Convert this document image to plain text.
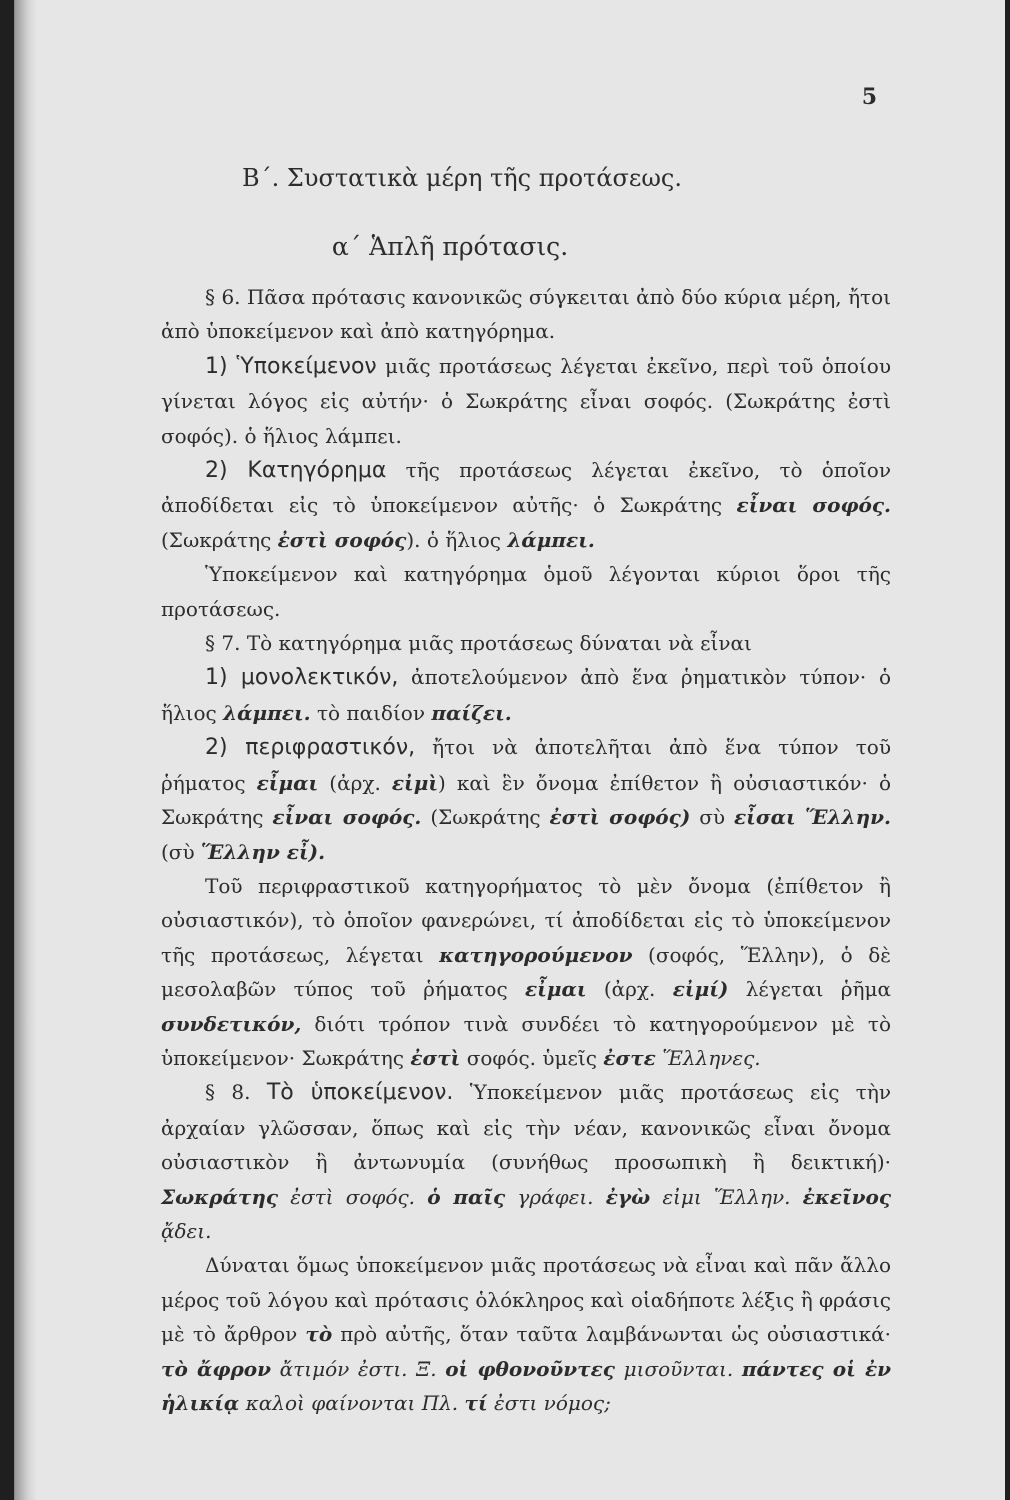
5
Β΄. Συστατικὰ μέρη τῆς προτάσεως.
α΄ Ἁπλῆ πρότασις.

§ 6. Πᾶσα πρότασις κανονικῶς σύγκειται ἀπὸ δύο κύρια μέρη, ἤτοι ἀπὸ ὑποκείμενον καὶ ἀπὸ κατηγόρημα.

1) Ὑποκείμενον μιᾶς προτάσεως λέγεται ἐκεῖνο, περὶ τοῦ ὁποίου γίνεται λόγος εἰς αὐτήν· ὁ Σωκράτης εἶναι σοφός. (Σωκράτης ἐστὶ σοφός). ὁ ἥλιος λάμπει.

2) Κατηγόρημα τῆς προτάσεως λέγεται ἐκεῖνο, τὸ ὁποῖον ἀποδίδεται εἰς τὸ ὑποκείμενον αὐτῆς· ὁ Σωκράτης εἶναι σοφός. (Σωκράτης ἐστὶ σοφός). ὁ ἥλιος λάμπει.

Ὑποκείμενον καὶ κατηγόρημα ὁμοῦ λέγονται κύριοι ὅροι τῆς προτάσεως.

§ 7. Τὸ κατηγόρημα μιᾶς προτάσεως δύναται νὰ εἶναι

1) μονολεκτικόν, ἀποτελούμενον ἀπὸ ἕνα ῥηματικὸν τύπον· ὁ ἥλιος λάμπει. τὸ παιδίον παίζει.

2) περιφραστικόν, ἤτοι νὰ ἀποτελῆται ἀπὸ ἕνα τύπον τοῦ ῥήματος εἶμαι (ἀρχ. εἰμὶ) καὶ ἓν ὄνομα ἐπίθετον ἢ οὐσιαστικόν· ὁ Σωκράτης εἶναι σοφός. (Σωκράτης ἐστὶ σοφός) σὺ εἶσαι Ἕλλην. (σὺ Ἕλλην εἶ).

Τοῦ περιφραστικοῦ κατηγορήματος τὸ μὲν ὄνομα (ἐπίθετον ἢ οὐσιαστικόν), τὸ ὁποῖον φανερώνει, τί ἀποδίδεται εἰς τὸ ὑποκείμενον τῆς προτάσεως, λέγεται κατηγορούμενον (σοφός, Ἕλλην), ὁ δὲ μεσολαβῶν τύπος τοῦ ῥήματος εἶμαι (ἀρχ. εἰμί) λέγεται ῥῆμα συνδετικόν, διότι τρόπον τινὰ συνδέει τὸ κατηγορούμενον μὲ τὸ ὑποκείμενον· Σωκράτης ἐστὶ σοφός. ὑμεῖς ἐστε Ἕλληνες.

§ 8. Τὸ ὑποκείμενον. Ὑποκείμενον μιᾶς προτάσεως εἰς τὴν ἀρχαίαν γλῶσσαν, ὅπως καὶ εἰς τὴν νέαν, κανονικῶς εἶναι ὄνομα οὐσιαστικὸν ἢ ἀντωνυμία (συνήθως προσωπικὴ ἢ δεικτική)· Σωκράτης ἐστὶ σοφός. ὁ παῖς γράφει. ἐγὼ εἰμι Ἕλλην. ἐκεῖνος ᾄδει.

Δύναται ὅμως ὑποκείμενον μιᾶς προτάσεως νὰ εἶναι καὶ πᾶν ἄλλο μέρος τοῦ λόγου καὶ πρότασις ὁλόκληρος καὶ οἱαδήποτε λέξις ἢ φράσις μὲ τὸ ἄρθρον τὸ πρὸ αὐτῆς, ὅταν ταῦτα λαμβάνωνται ὡς οὐσιαστικά· τὸ ἄφρον ἄτιμόν ἐστι. Ξ. οἱ φθονοῦντες μισοῦνται. πάντες οἱ ἐν ἡλικίᾳ καλοὶ φαίνονται Πλ. τί ἐστι νόμος;
